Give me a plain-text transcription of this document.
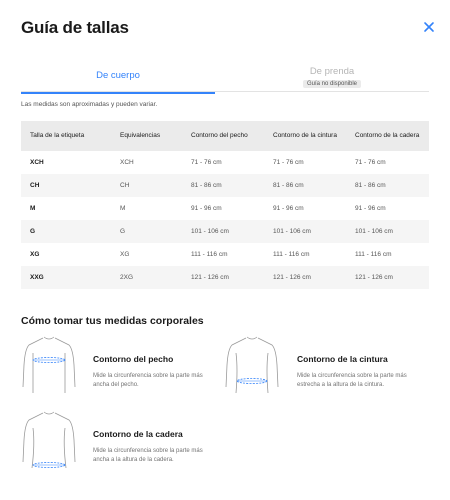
Guía de tallas
De cuerpo	De prenda
Guía no disponible
Las medidas son aproximadas y pueden variar.
Talla de la etiqueta	Equivalencias	Contorno del pecho	Contorno de la cintura	Contorno de la cadera
XCH	XCH	71 - 76 cm	71 - 76 cm	71 - 76 cm
CH	CH	81 - 86 cm	81 - 86 cm	81 - 86 cm
M	M	91 - 96 cm	91 - 96 cm	91 - 96 cm
G	G	101 - 106 cm	101 - 106 cm	101 - 106 cm
XG	XG	111 - 116 cm	111 - 116 cm	111 - 116 cm
XXG	2XG	121 - 126 cm	121 - 126 cm	121 - 126 cm
Cómo tomar tus medidas corporales
Contorno del pecho
Mide la circunferencia sobre la parte más ancha del pecho.
Contorno de la cintura
Mide la circunferencia sobre la parte más estrecha a la altura de la cintura.
Contorno de la cadera
Mide la circunferencia sobre la parte más ancha a la altura de la cadera.
